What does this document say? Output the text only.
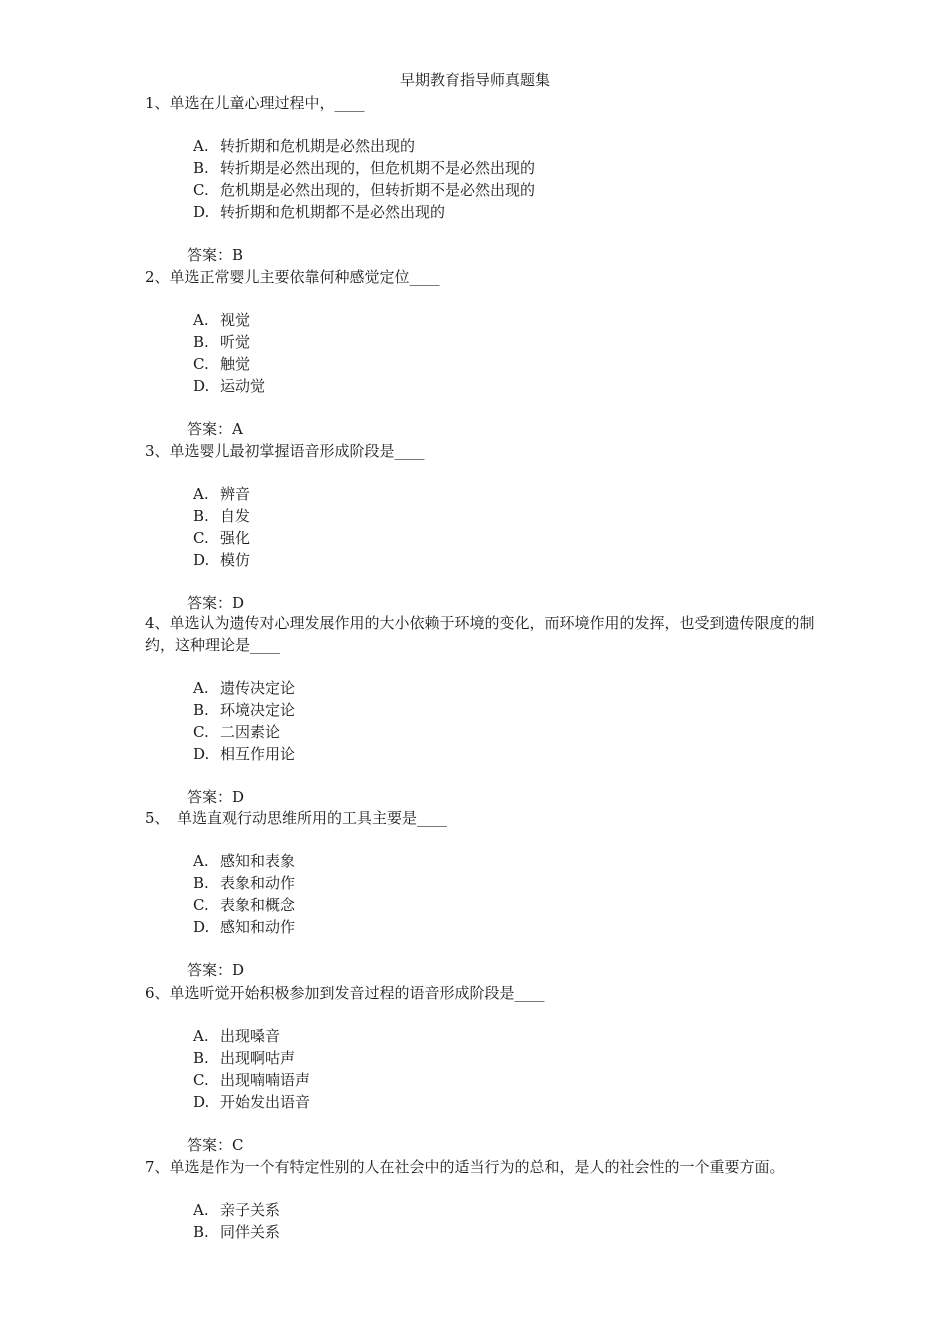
早期教育指导师真题集

1、单选在儿童心理过程中，____

A. 转折期和危机期是必然出现的
B. 转折期是必然出现的，但危机期不是必然出现的
C. 危机期是必然出现的，但转折期不是必然出现的
D. 转折期和危机期都不是必然出现的
答案：B

2、单选正常婴儿主要依靠何种感觉定位____

A. 视觉
B. 听觉
C. 触觉
D. 运动觉
答案：A

3、单选婴儿最初掌握语音形成阶段是____

A. 辨音
B. 自发
C. 强化
D. 模仿
答案：D

4、单选认为遗传对心理发展作用的大小依赖于环境的变化，而环境作用的发挥，也受到遗传限度的制约，这种理论是____

A. 遗传决定论
B. 环境决定论
C. 二因素论
D. 相互作用论
答案：D

5、　单选直观行动思维所用的工具主要是____

A. 感知和表象
B. 表象和动作
C. 表象和概念
D. 感知和动作
答案：D

6、单选听觉开始积极参加到发音过程的语音形成阶段是____

A. 出现嗓音
B. 出现啊咕声
C. 出现喃喃语声
D. 开始发出语音
答案：C

7、单选是作为一个有特定性别的人在社会中的适当行为的总和，是人的社会性的一个重要方面。

A. 亲子关系
B. 同伴关系
